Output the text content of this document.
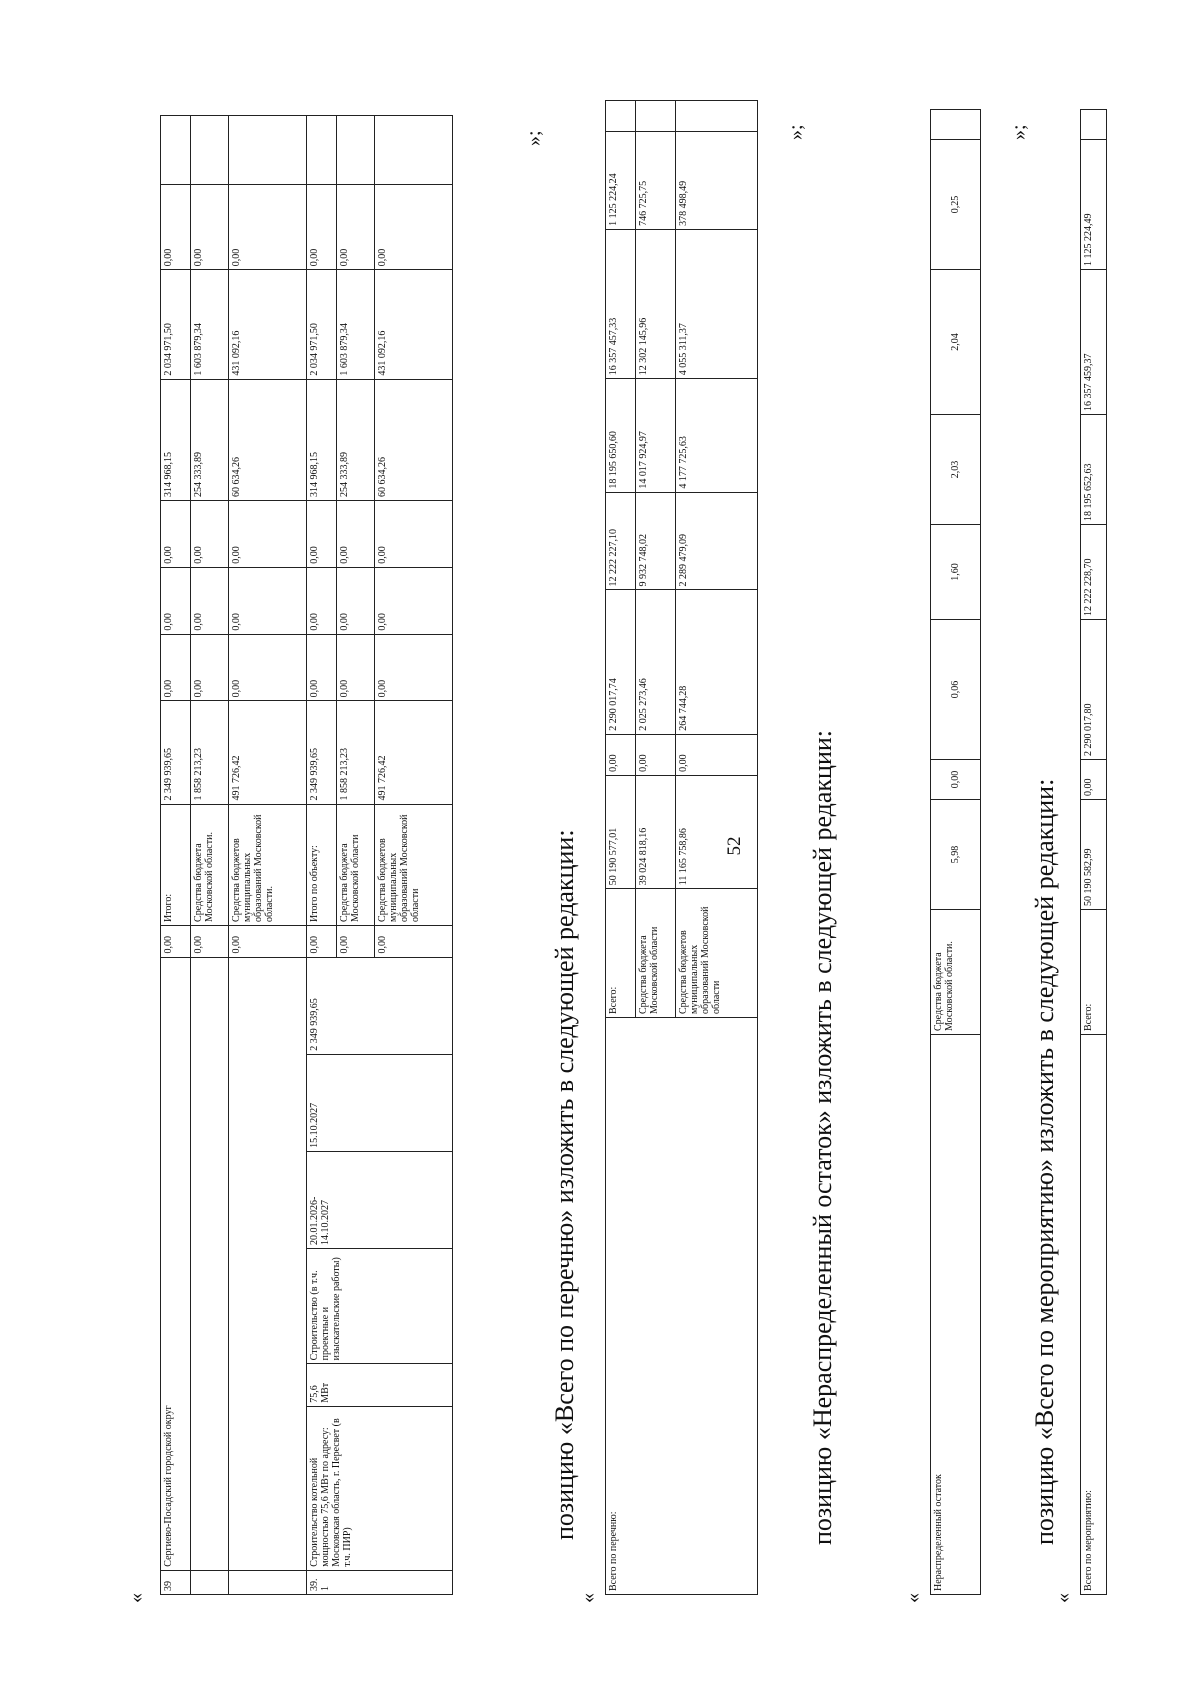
52
«
39	Сергиево-Посадский городской округ						0,00	Итого:	2 349 939,65	0,00	0,00	0,00	314 968,15	2 034 971,50	0,00	
							0,00	Средства бюджета Московской области.	1 858 213,23	0,00	0,00	0,00	254 333,89	1 603 879,34	0,00	
							0,00	Средства бюджетов муниципальных образований Московской области.	491 726,42	0,00	0,00	0,00	60 634,26	431 092,16	0,00	
39.1	Строительство котельной мощностью 75,6 МВт по адресу: Московская область, г. Пересвет (в т.ч. ПИР)	75,6 МВт	Строительство (в т.ч. проектные и изыскательские работы)	20.01.2026-14.10.2027	15.10.2027	2 349 939,65	0,00	Итого по объекту:	2 349 939,65	0,00	0,00	0,00	314 968,15	2 034 971,50	0,00	
							0,00	Средства бюджета Московской области	1 858 213,23	0,00	0,00	0,00	254 333,89	1 603 879,34	0,00	
							0,00	Средства бюджетов муниципальных образований Московской области	491 726,42	0,00	0,00	0,00	60 634,26	431 092,16	0,00	
»;
позицию «Всего по перечню» изложить в следующей редакции:
«
Всего по перечню:	Всего:	50 190 577,01	0,00	2 290 017,74	12 222 227,10	18 195 650,60	16 357 457,33	1 125 224,24	
	Средства бюджета Московской области	39 024 818,16	0,00	2 025 273,46	9 932 748,02	14 017 924,97	12 302 145,96	746 725,75	
	Средства бюджетов муниципальных образований Московской области	11 165 758,86	0,00	264 744,28	2 289 479,09	4 177 725,63	4 055 311,37	378 498,49	
»;
позицию «Нераспределенный остаток» изложить в следующей редакции:
«
Нераспределенный остаток	Средства бюджета Московской области.	5,98	0,00	0,06	1,60	2,03	2,04	0,25	
»;
позицию «Всего по мероприятию» изложить в следующей редакции:
«
Всего по мероприятию:	Всего:	50 190 582,99	0,00	2 290 017,80	12 222 228,70	18 195 652,63	16 357 459,37	1 125 224,49	
